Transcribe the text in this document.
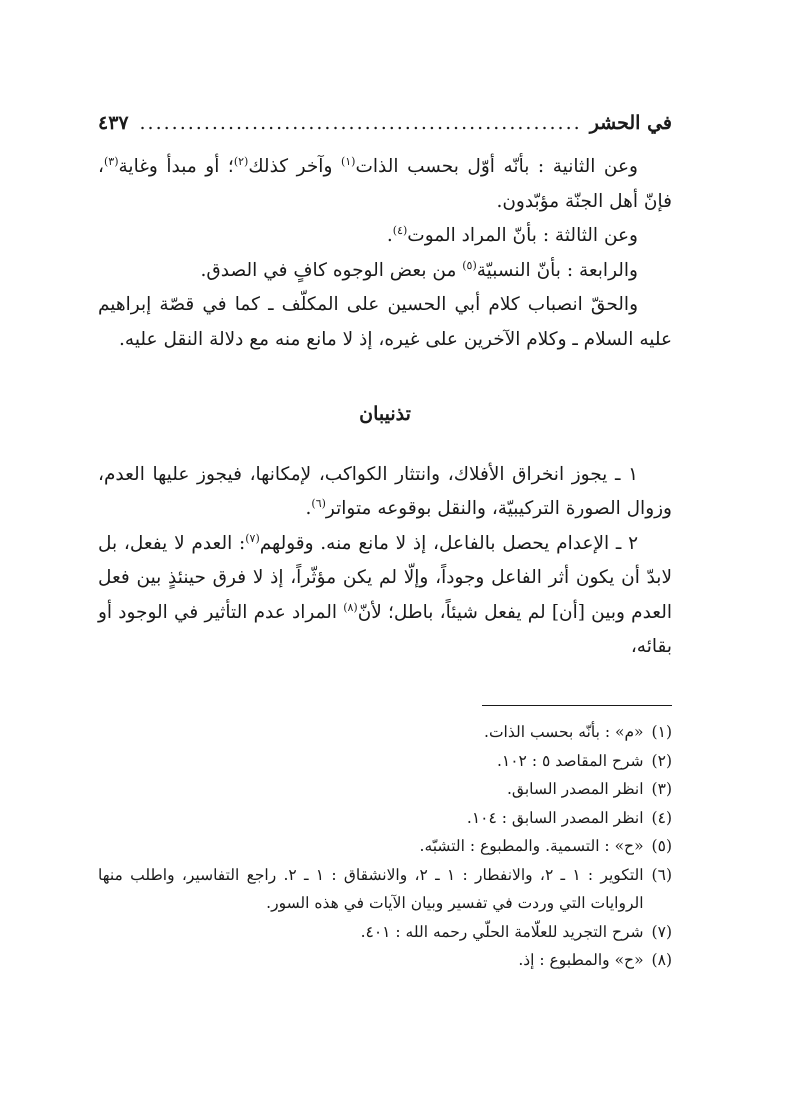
في الحشر
.....
٤٣٧

وعن الثانية : بأنّه أوّل بحسب الذات$^{(١)}$ وآخر كذلك$^{(٢)}$؛ أو مبدأ وغاية$^{(٣)}$، فإنّ أهل الجنّة مؤبّدون.

وعن الثالثة : بأنّ المراد الموت$^{(٤)}$.

والرابعة : بأنّ النسبيّة$^{(٥)}$ من بعض الوجوه كافٍ في الصدق.

والحقّ انصباب كلام أبي الحسين على المكلّف ـ كما في قصّة إبراهيم عليه السلام ـ وكلام الآخرين على غيره، إذ لا مانع منه مع دلالة النقل عليه.

تذنيبان

١ ـ يجوز انخراق الأفلاك، وانتثار الكواكب، لإمكانها، فيجوز عليها العدم، وزوال الصورة التركيبيّة، والنقل بوقوعه متواتر$^{(٦)}$.

٢ ـ الإعدام يحصل بالفاعل، إذ لا مانع منه. وقولهم$^{(٧)}$: العدم لا يفعل، بل لابدّ أن يكون أثر الفاعل وجوداً، وإلّا لم يكن مؤثّراً، إذ لا فرق حينئذٍ بين فعل العدم وبين [أن] لم يفعل شيئاً، باطل؛ لأنّ$^{(٨)}$ المراد عدم التأثير في الوجود أو بقائه،

(١)
«م» : بأنّه بحسب الذات.
(٢)
شرح المقاصد ٥ : ١٠٢.
(٣)
انظر المصدر السابق.
(٤)
انظر المصدر السابق : ١٠٤.
(٥)
«ح» : التسمية. والمطبوع : التشبّه.
(٦)
التكوير : ١ ـ ٢، والانفطار : ١ ـ ٢، والانشقاق : ١ ـ ٢. راجع التفاسير، واطلب منها الروايات التي وردت في تفسير وبيان الآيات في هذه السور.
(٧)
شرح التجريد للعلّامة الحلّي رحمه الله : ٤٠١.
(٨)
«ح» والمطبوع : إذ.
